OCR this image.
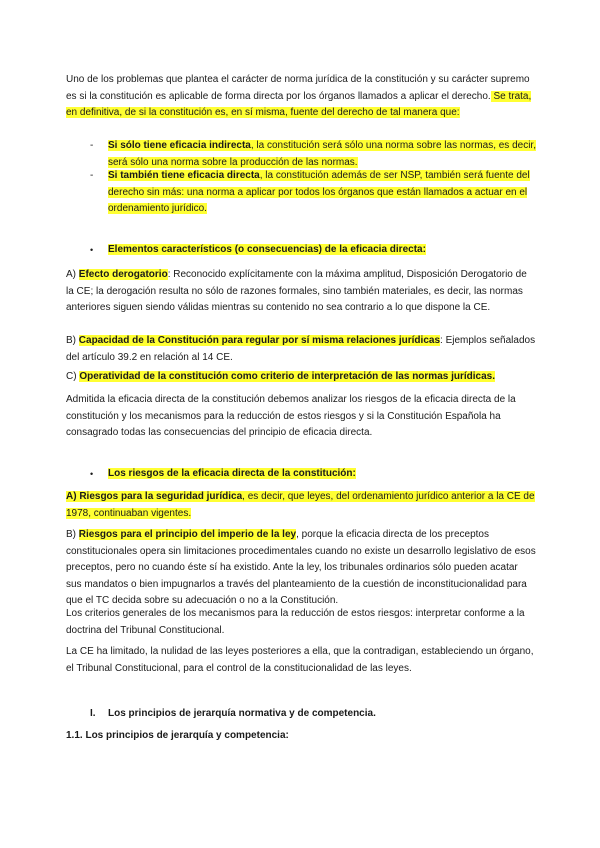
Uno de los problemas que plantea el carácter de norma jurídica de la constitución y su carácter supremo es si la constitución es aplicable de forma directa por los órganos llamados a aplicar el derecho. Se trata, en definitiva, de si la constitución es, en sí misma, fuente del derecho de tal manera que:
- Si sólo tiene eficacia indirecta, la constitución será sólo una norma sobre las normas, es decir, será sólo una norma sobre la producción de las normas.
- Si también tiene eficacia directa, la constitución además de ser NSP, también será fuente del derecho sin más: una norma a aplicar por todos los órganos que están llamados a actuar en el ordenamiento jurídico.
• Elementos característicos (o consecuencias) de la eficacia directa:
A) Efecto derogatorio: Reconocido explícitamente con la máxima amplitud, Disposición Derogatorio de la CE; la derogación resulta no sólo de razones formales, sino también materiales, es decir, las normas anteriores siguen siendo válidas mientras su contenido no sea contrario a lo que dispone la CE.
B) Capacidad de la Constitución para regular por sí misma relaciones jurídicas: Ejemplos señalados del artículo 39.2 en relación al 14 CE.
C) Operatividad de la constitución como criterio de interpretación de las normas jurídicas.
Admitida la eficacia directa de la constitución debemos analizar los riesgos de la eficacia directa de la constitución y los mecanismos para la reducción de estos riesgos y si la Constitución Española ha consagrado todas las consecuencias del principio de eficacia directa.
• Los riesgos de la eficacia directa de la constitución:
A) Riesgos para la seguridad jurídica, es decir, que leyes, del ordenamiento jurídico anterior a la CE de 1978, continuaban vigentes.
B) Riesgos para el principio del imperio de la ley, porque la eficacia directa de los preceptos constitucionales opera sin limitaciones procedimentales cuando no existe un desarrollo legislativo de esos preceptos, pero no cuando éste sí ha existido. Ante la ley, los tribunales ordinarios sólo pueden acatar sus mandatos o bien impugnarlos a través del planteamiento de la cuestión de inconstitucionalidad para que el TC decida sobre su adecuación o no a la Constitución.
Los criterios generales de los mecanismos para la reducción de estos riesgos: interpretar conforme a la doctrina del Tribunal Constitucional.
La CE ha limitado, la nulidad de las leyes posteriores a ella, que la contradigan, estableciendo un órgano, el Tribunal Constitucional, para el control de la constitucionalidad de las leyes.
I. Los principios de jerarquía normativa y de competencia.
1.1. Los principios de jerarquía y competencia:
